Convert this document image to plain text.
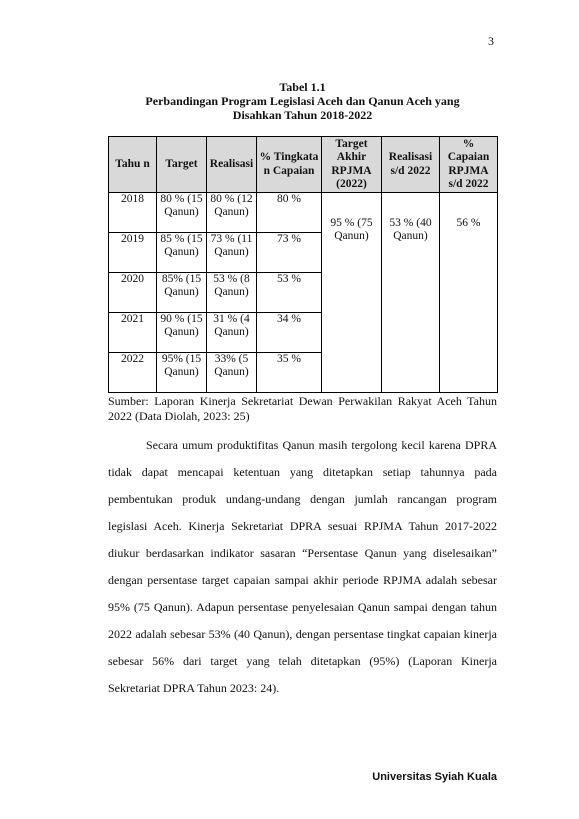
3
Tabel 1.1
Perbandingan Program Legislasi Aceh dan Qanun Aceh yang
Disahkan Tahun 2018-2022
Tahu n	Target	Realisasi	% Tingkata n Capaian	Target Akhir RPJMA (2022)	Realisasi s/d 2022	% Capaian RPJMA s/d 2022
2018	80 % (15 Qanun)	80 % (12 Qanun)	80 %	95 % (75 Qanun)	53 % (40 Qanun)	56 %
2019	85 % (15 Qanun)	73 % (11 Qanun)	73 %			
2020	85% (15 Qanun)	53 % (8 Qanun)	53 %			
2021	90 % (15 Qanun)	31 % (4 Qanun)	34 %			
2022	95% (15 Qanun)	33% (5 Qanun)	35 %			
Sumber: Laporan Kinerja Sekretariat Dewan Perwakilan Rakyat Aceh Tahun 2022 (Data Diolah, 2023: 25)

Secara umum produktifitas Qanun masih tergolong kecil karena DPRA tidak dapat mencapai ketentuan yang ditetapkan setiap tahunnya pada pembentukan produk undang-undang dengan jumlah rancangan program legislasi Aceh. Kinerja Sekretariat DPRA sesuai RPJMA Tahun 2017-2022 diukur berdasarkan indikator sasaran “Persentase Qanun yang diselesaikan” dengan persentase target capaian sampai akhir periode RPJMA adalah sebesar 95% (75 Qanun). Adapun persentase penyelesaian Qanun sampai dengan tahun 2022 adalah sebesar 53% (40 Qanun), dengan persentase tingkat capaian kinerja sebesar 56% dari target yang telah ditetapkan (95%) (Laporan Kinerja Sekretariat DPRA Tahun 2023: 24).

Universitas Syiah Kuala
